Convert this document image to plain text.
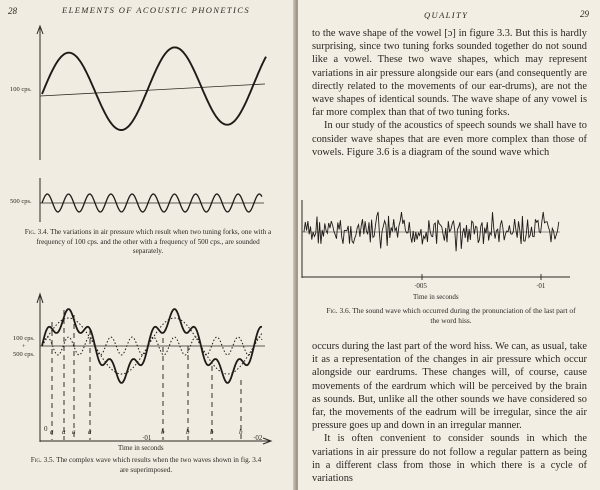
28	ELEMENTS OF ACOUSTIC PHONETICS
100 cps.
500 cps.
Fig. 3.4. The variations in air pressure which result when two tuning forks, one with a frequency of 100 cps. and the other with a frequency of 500 cps., are sounded separately.
100 cps.
+
500 cps.
0 a a a a	b	b	b	b
·01	·02
Time in seconds
Fig. 3.5. The complex wave which results when the two waves shown in fig. 3.4 are superimposed.
QUALITY	29

to the wave shape of the vowel [ɔ] in figure 3.3. But this is hardly surprising, since two tuning forks sounded together do not sound like a vowel. These two wave shapes, which may represent variations in air pressure alongside our ears (and consequently are directly related to the movements of our ear-drums), are not the wave shapes of identical sounds. The wave shape of any vowel is far more complex than that of two tuning forks.

In our study of the acoustics of speech sounds we shall have to consider wave shapes that are even more complex than those of vowels. Figure 3.6 is a diagram of the sound wave which

·005	·01
Time in seconds
Fig. 3.6. The sound wave which occurred during the pronunciation of the last part of the word hiss.

occurs during the last part of the word hiss. We can, as usual, take it as a representation of the changes in air pressure which occur alongside our eardrums. These changes will, of course, cause movements of the eardrum which will be perceived by the brain as sounds. But, unlike all the other sounds we have considered so far, the movements of the eadrum will be irregular, since the air pressure goes up and down in an irregular manner.

It is often convenient to consider sounds in which the variations in air pressure do not follow a regular pattern as being in a different class from those in which there is a cycle of variations
